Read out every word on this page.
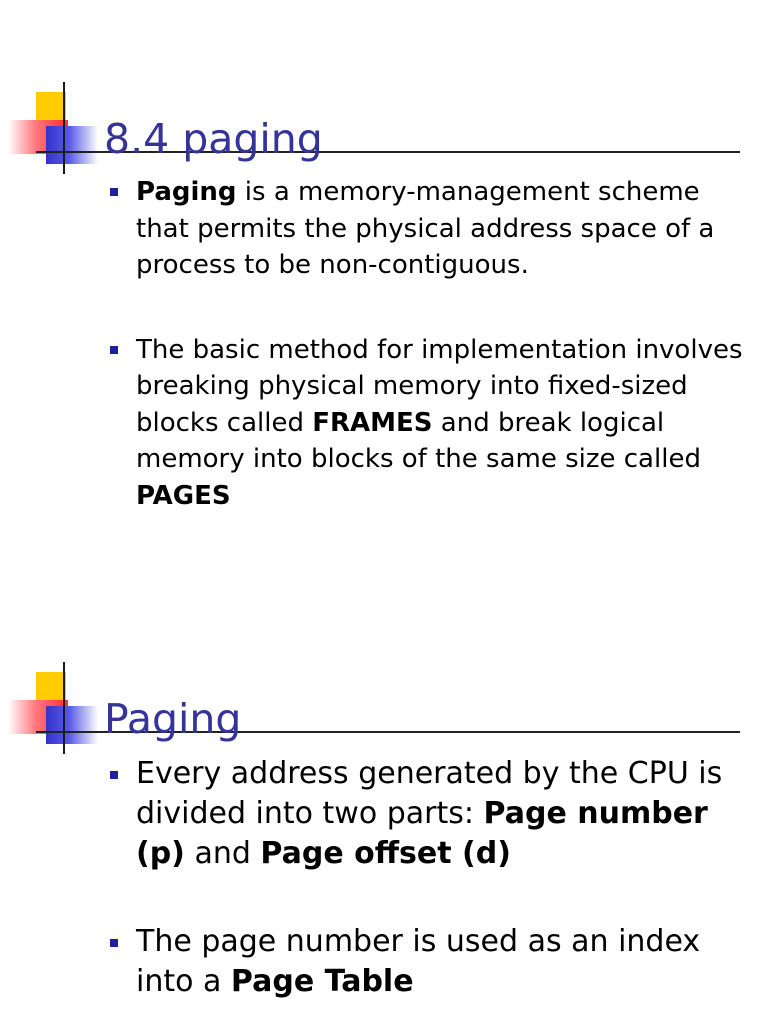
8.4 paging
Paging is a memory-management scheme that permits the physical address space of a process to be non-contiguous.
The basic method for implementation involves breaking physical memory into fixed-sized blocks called FRAMES and break logical memory into blocks of the same size called PAGES
Paging
Every address generated by the CPU is divided into two parts: Page number (p) and Page offset (d)
The page number is used as an index into a Page Table
